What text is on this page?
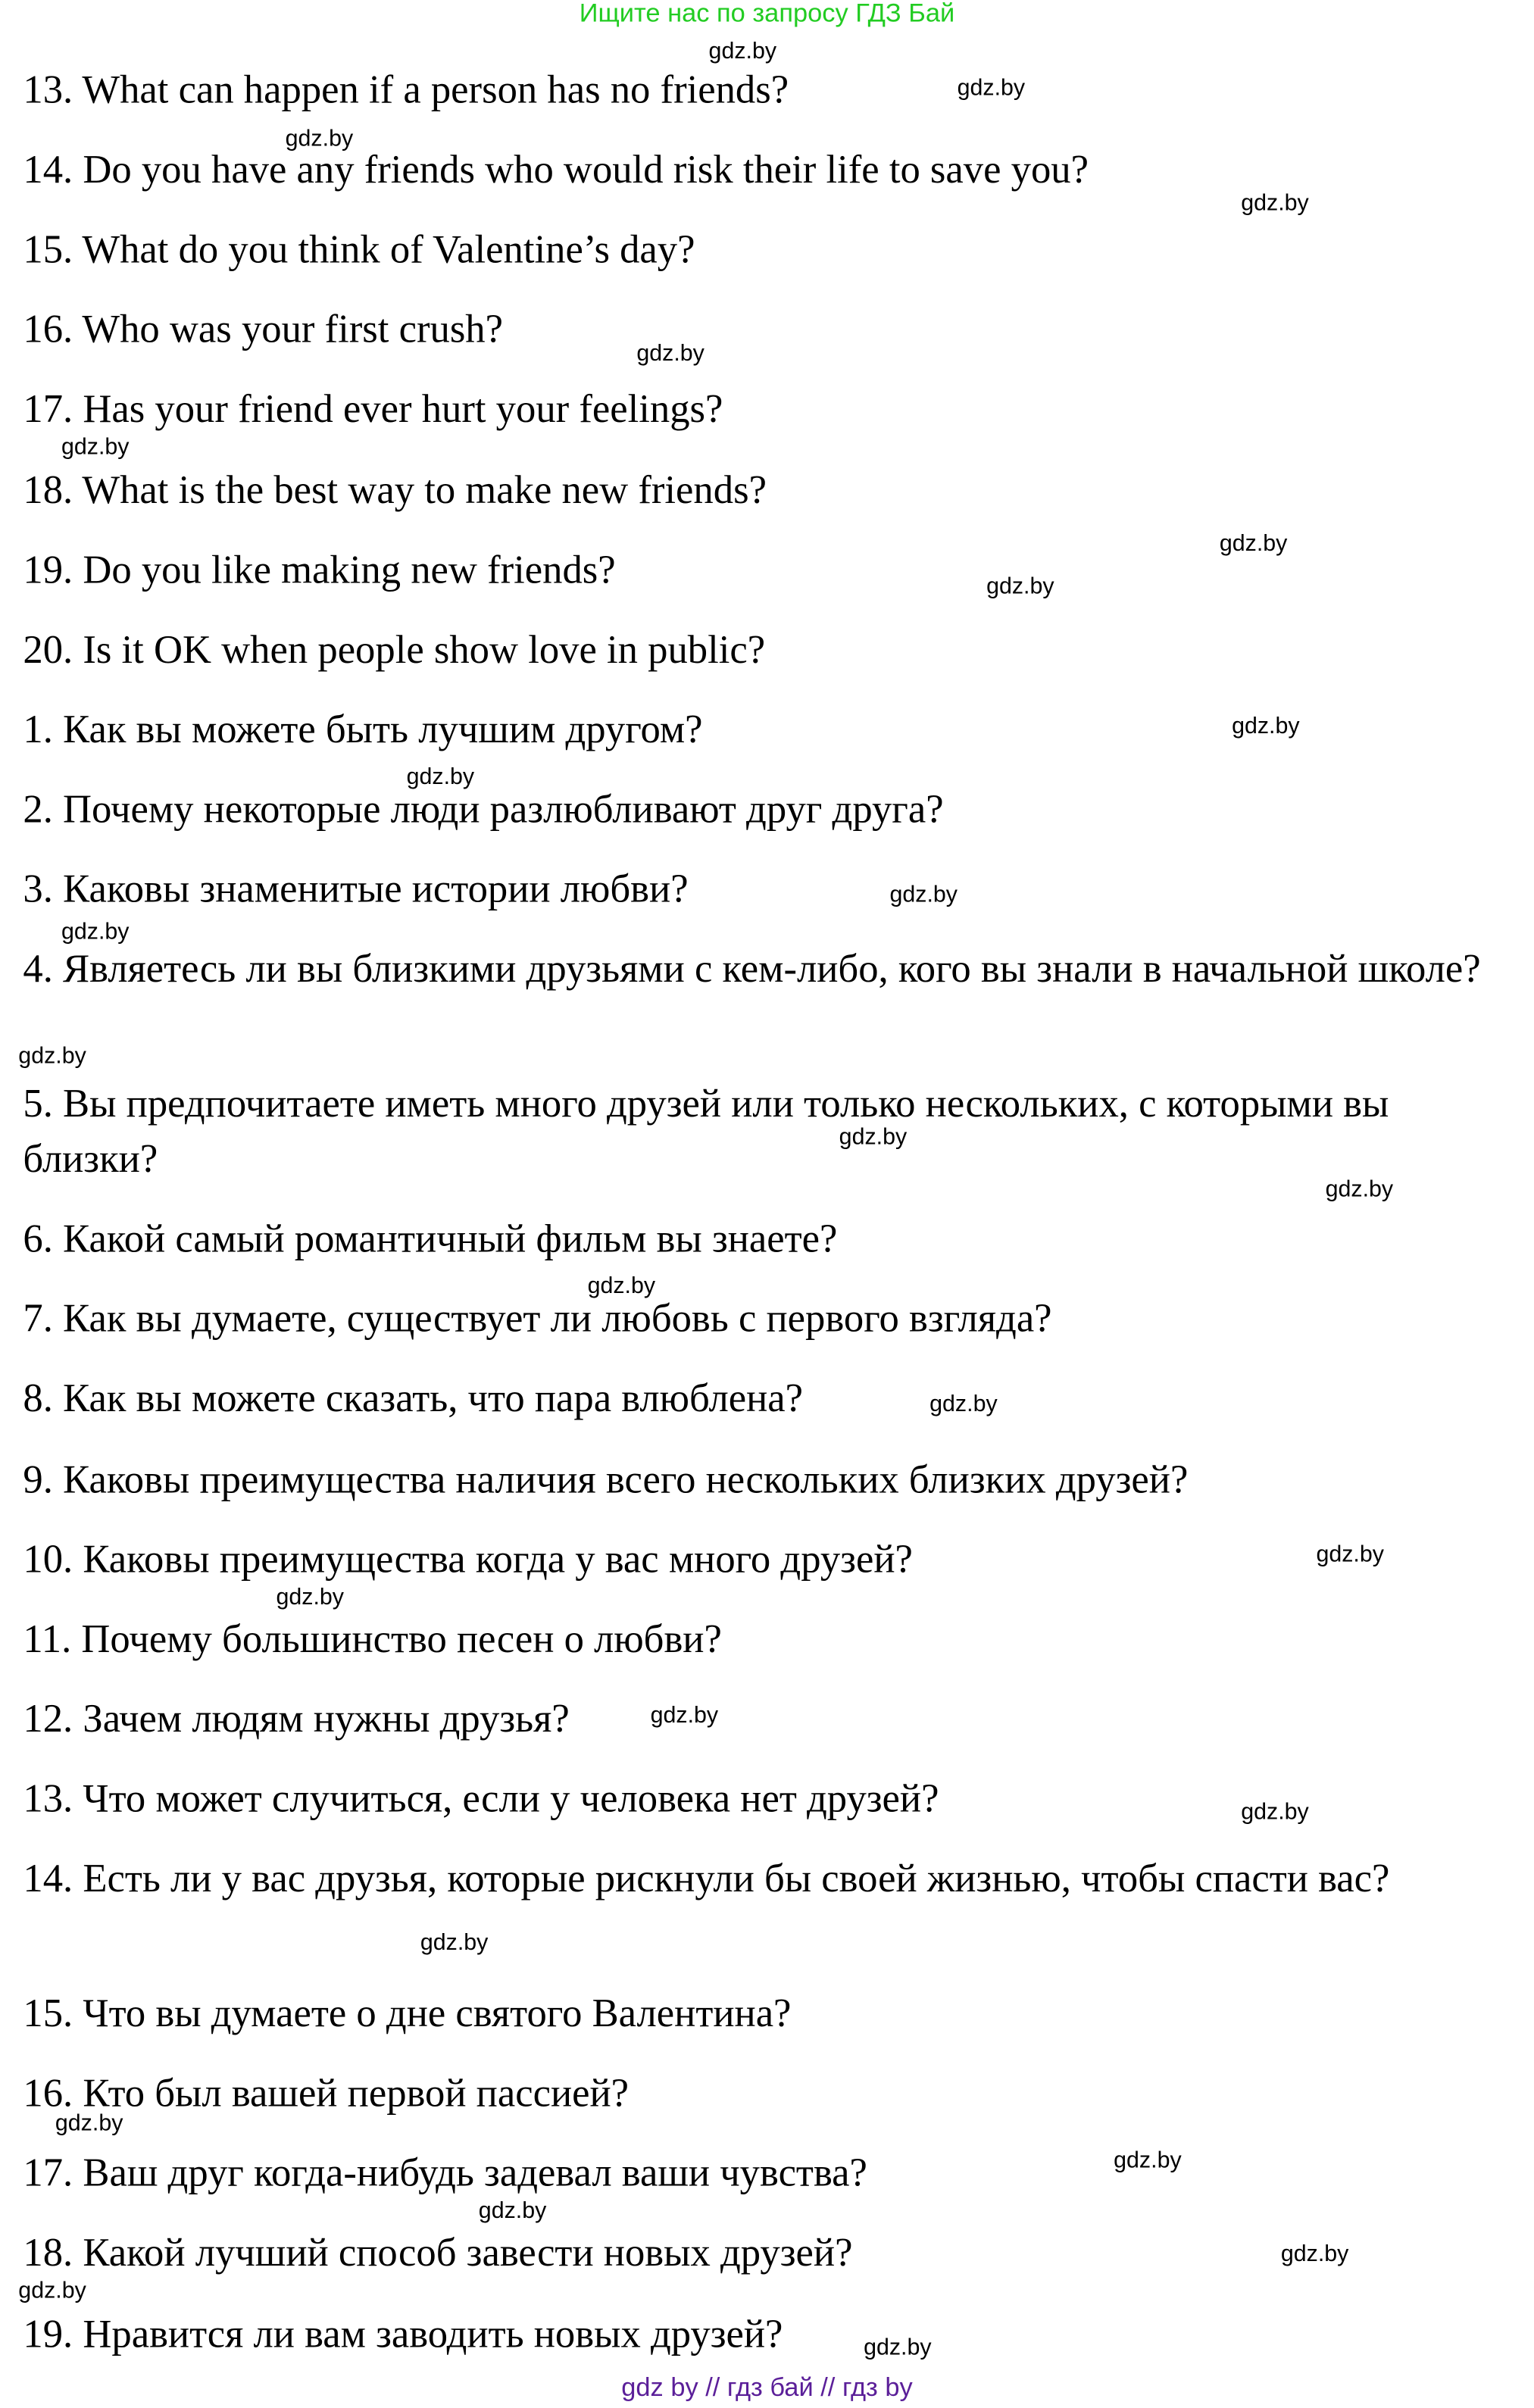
Ищите нас по запросу ГДЗ Бай
13. What can happen if a person has no friends?
14. Do you have any friends who would risk their life to save you?
15. What do you think of Valentine’s day?
16. Who was your first crush?
17. Has your friend ever hurt your feelings?
18. What is the best way to make new friends?
19. Do you like making new friends?
20. Is it OK when people show love in public?
1. Как вы можете быть лучшим другом?
2. Почему некоторые люди разлюбливают друг друга?
3. Каковы знаменитые истории любви?
4. Являетесь ли вы близкими друзьями с кем-либо, кого вы знали в начальной школе?
5. Вы предпочитаете иметь много друзей или только нескольких, с которыми вы близки?
6. Какой самый романтичный фильм вы знаете?
7. Как вы думаете, существует ли любовь с первого взгляда?
8. Как вы можете сказать, что пара влюблена?
9. Каковы преимущества наличия всего нескольких близких друзей?
10. Каковы преимущества когда у вас много друзей?
11. Почему большинство песен о любви?
12. Зачем людям нужны друзья?
13. Что может случиться, если у человека нет друзей?
14. Есть ли у вас друзья, которые рискнули бы своей жизнью, чтобы спасти вас?
15. Что вы думаете о дне святого Валентина?
16. Кто был вашей первой пассией?
17. Ваш друг когда-нибудь задевал ваши чувства?
18. Какой лучший способ завести новых друзей?
19. Нравится ли вам заводить новых друзей?
gdz.by
gdz.by
gdz.by
gdz.by
gdz.by
gdz.by
gdz.by
gdz.by
gdz.by
gdz.by
gdz.by
gdz.by
gdz.by
gdz.by
gdz.by
gdz.by
gdz.by
gdz.by
gdz.by
gdz.by
gdz.by
gdz.by
gdz.by
gdz.by
gdz.by
gdz.by
gdz.by
gdz.by
gdz by // гдз бай // гдз by
